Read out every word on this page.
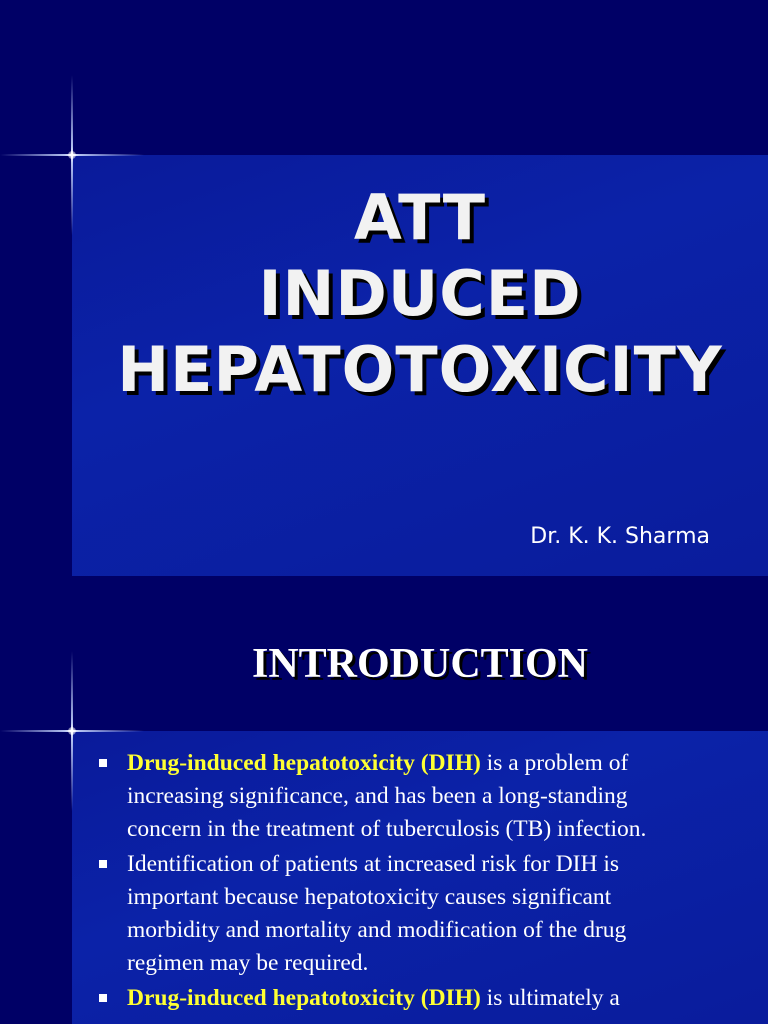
ATT
INDUCED
HEPATOTOXICITY
Dr. K. K. Sharma
INTRODUCTION
Drug-induced hepatotoxicity (DIH) is a problem of increasing significance, and has been a long-standing concern in the treatment of tuberculosis (TB) infection.
Identification of patients at increased risk for DIH is important because hepatotoxicity causes significant morbidity and mortality and modification of the drug regimen may be required.
Drug-induced hepatotoxicity (DIH) is ultimately a
